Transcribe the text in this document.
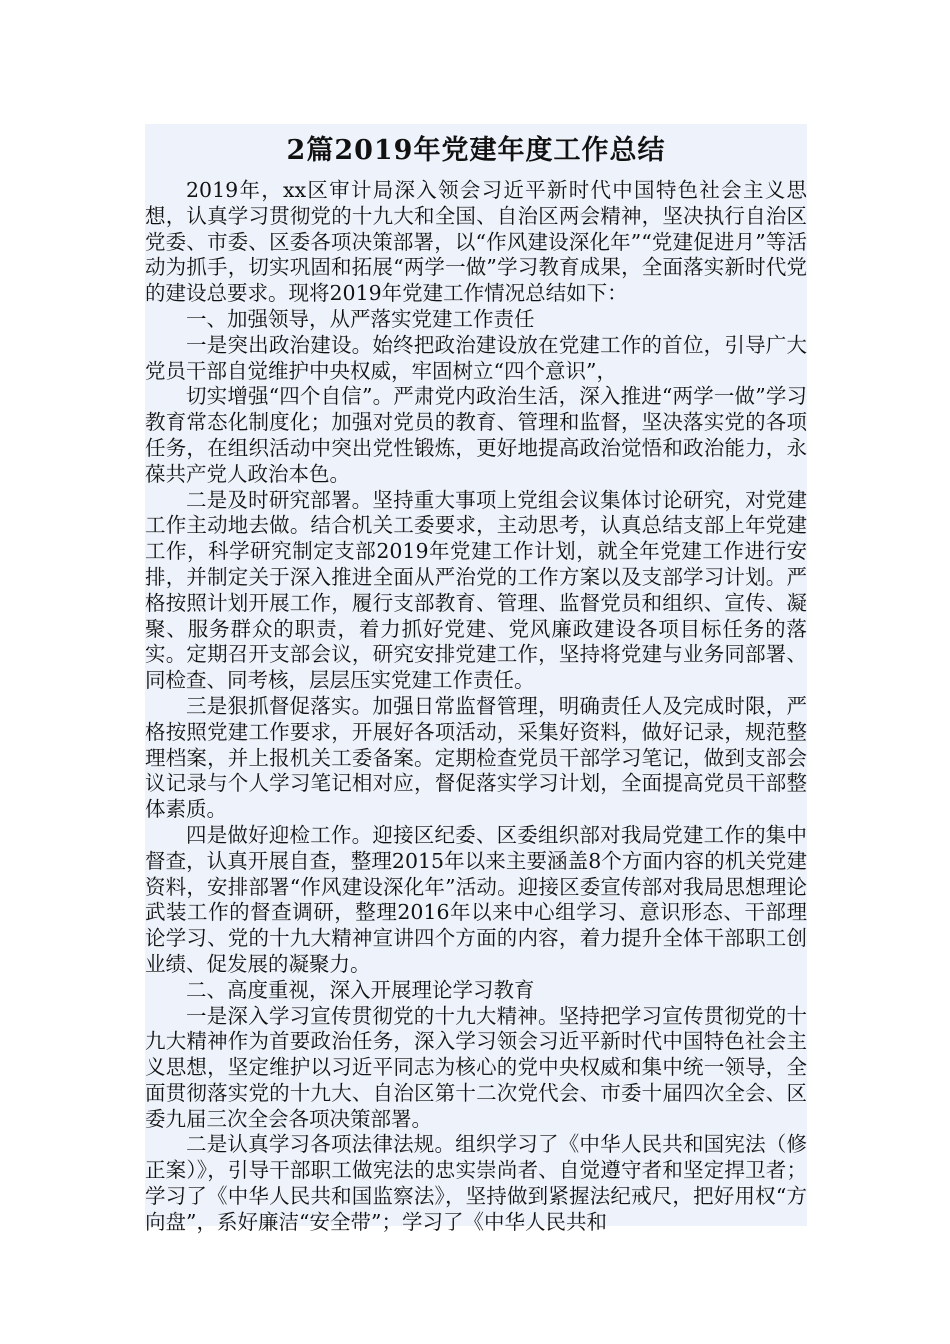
2篇2019年党建年度工作总结

2019年，xx区审计局深入领会习近平新时代中国特色社会主义思想，认真学习贯彻党的十九大和全国、自治区两会精神，坚决执行自治区党委、市委、区委各项决策部署，以“作风建设深化年”“党建促进月”等活动为抓手，切实巩固和拓展“两学一做”学习教育成果，全面落实新时代党的建设总要求。现将2019年党建工作情况总结如下：

一、加强领导，从严落实党建工作责任

一是突出政治建设。始终把政治建设放在党建工作的首位，引导广大党员干部自觉维护中央权威，牢固树立“四个意识”，

切实增强“四个自信”。严肃党内政治生活，深入推进“两学一做”学习教育常态化制度化；加强对党员的教育、管理和监督，坚决落实党的各项任务，在组织活动中突出党性锻炼，更好地提高政治觉悟和政治能力，永葆共产党人政治本色。

二是及时研究部署。坚持重大事项上党组会议集体讨论研究，对党建工作主动地去做。结合机关工委要求，主动思考，认真总结支部上年党建工作，科学研究制定支部2019年党建工作计划，就全年党建工作进行安排，并制定关于深入推进全面从严治党的工作方案以及支部学习计划。严格按照计划开展工作，履行支部教育、管理、监督党员和组织、宣传、凝聚、服务群众的职责，着力抓好党建、党风廉政建设各项目标任务的落实。定期召开支部会议，研究安排党建工作，坚持将党建与业务同部署、同检查、同考核，层层压实党建工作责任。

三是狠抓督促落实。加强日常监督管理，明确责任人及完成时限，严格按照党建工作要求，开展好各项活动，采集好资料，做好记录，规范整理档案，并上报机关工委备案。定期检查党员干部学习笔记，做到支部会议记录与个人学习笔记相对应，督促落实学习计划，全面提高党员干部整体素质。

四是做好迎检工作。迎接区纪委、区委组织部对我局党建工作的集中督查，认真开展自查，整理2015年以来主要涵盖8个方面内容的机关党建资料，安排部署“作风建设深化年”活动。迎接区委宣传部对我局思想理论武装工作的督查调研，整理2016年以来中心组学习、意识形态、干部理论学习、党的十九大精神宣讲四个方面的内容，着力提升全体干部职工创业绩、促发展的凝聚力。

二、高度重视，深入开展理论学习教育

一是深入学习宣传贯彻党的十九大精神。坚持把学习宣传贯彻党的十九大精神作为首要政治任务，深入学习领会习近平新时代中国特色社会主义思想，坚定维护以习近平同志为核心的党中央权威和集中统一领导，全面贯彻落实党的十九大、自治区第十二次党代会、市委十届四次全会、区委九届三次全会各项决策部署。

二是认真学习各项法律法规。组织学习了《中华人民共和国宪法（修正案）》，引导干部职工做宪法的忠实崇尚者、自觉遵守者和坚定捍卫者；学习了《中华人民共和国监察法》，坚持做到紧握法纪戒尺，把好用权“方向盘”，系好廉洁“安全带”；学习了《中华人民共和
